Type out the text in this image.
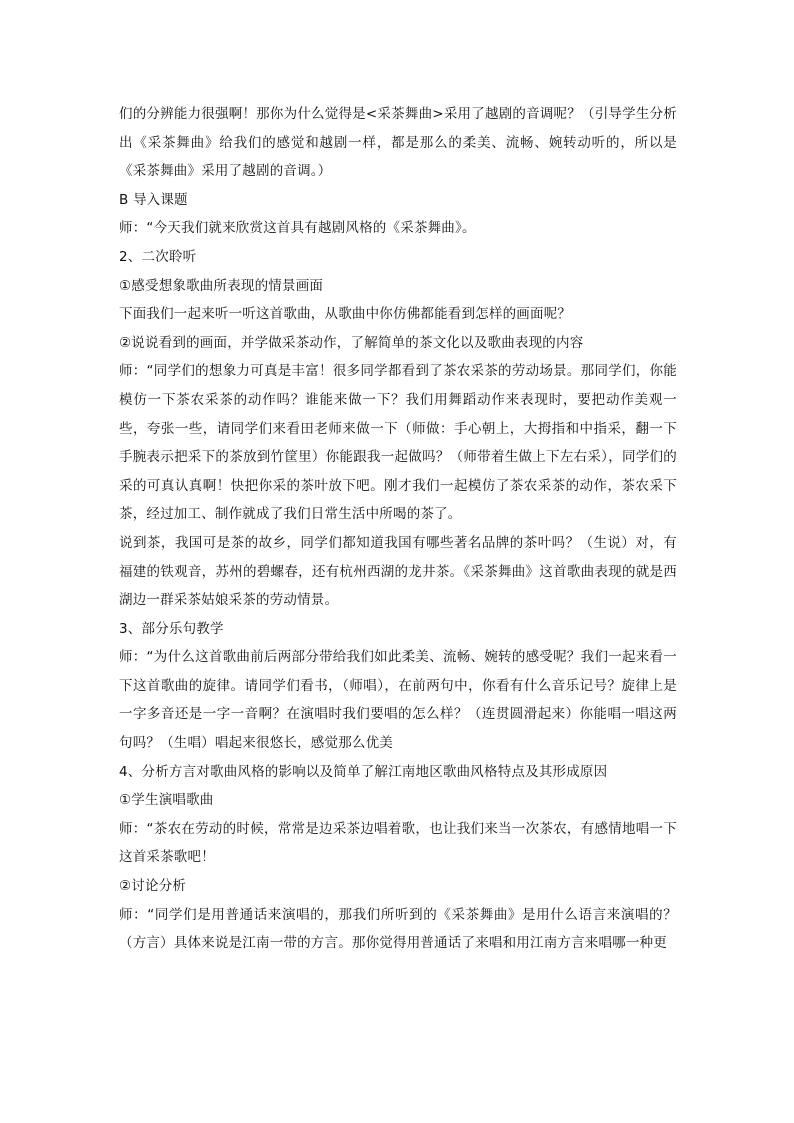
们的分辨能力很强啊！那你为什么觉得是<采茶舞曲>采用了越剧的音调呢？（引导学生分析出《采茶舞曲》给我们的感觉和越剧一样，都是那么的柔美、流畅、婉转动听的，所以是《采茶舞曲》采用了越剧的音调。）

B 导入课题

师：“今天我们就来欣赏这首具有越剧风格的《采茶舞曲》。

2、二次聆听

①感受想象歌曲所表现的情景画面

下面我们一起来听一听这首歌曲，从歌曲中你仿佛都能看到怎样的画面呢？

②说说看到的画面，并学做采茶动作，了解简单的茶文化以及歌曲表现的内容

师：“同学们的想象力可真是丰富！很多同学都看到了茶农采茶的劳动场景。那同学们，你能模仿一下茶农采茶的动作吗？谁能来做一下？我们用舞蹈动作来表现时，要把动作美观一些，夸张一些，请同学们来看田老师来做一下（师做：手心朝上，大拇指和中指采，翻一下手腕表示把采下的茶放到竹筐里）你能跟我一起做吗？（师带着生做上下左右采），同学们的采的可真认真啊！快把你采的茶叶放下吧。刚才我们一起模仿了茶农采茶的动作，茶农采下茶，经过加工、制作就成了我们日常生活中所喝的茶了。

说到茶，我国可是茶的故乡，同学们都知道我国有哪些著名品牌的茶叶吗？（生说）对，有福建的铁观音，苏州的碧螺春，还有杭州西湖的龙井茶。《采茶舞曲》这首歌曲表现的就是西湖边一群采茶姑娘采茶的劳动情景。

3、部分乐句教学

师：“为什么这首歌曲前后两部分带给我们如此柔美、流畅、婉转的感受呢？我们一起来看一下这首歌曲的旋律。请同学们看书，（师唱），在前两句中，你看有什么音乐记号？旋律上是一字多音还是一字一音啊？在演唱时我们要唱的怎么样？（连贯圆滑起来）你能唱一唱这两句吗？（生唱）唱起来很悠长，感觉那么优美

4、分析方言对歌曲风格的影响以及简单了解江南地区歌曲风格特点及其形成原因

①学生演唱歌曲

师：“茶农在劳动的时候，常常是边采茶边唱着歌，也让我们来当一次茶农，有感情地唱一下这首采茶歌吧！

②讨论分析

师：“同学们是用普通话来演唱的，那我们所听到的《采茶舞曲》是用什么语言来演唱的？（方言）具体来说是江南一带的方言。那你觉得用普通话了来唱和用江南方言来唱哪一种更
